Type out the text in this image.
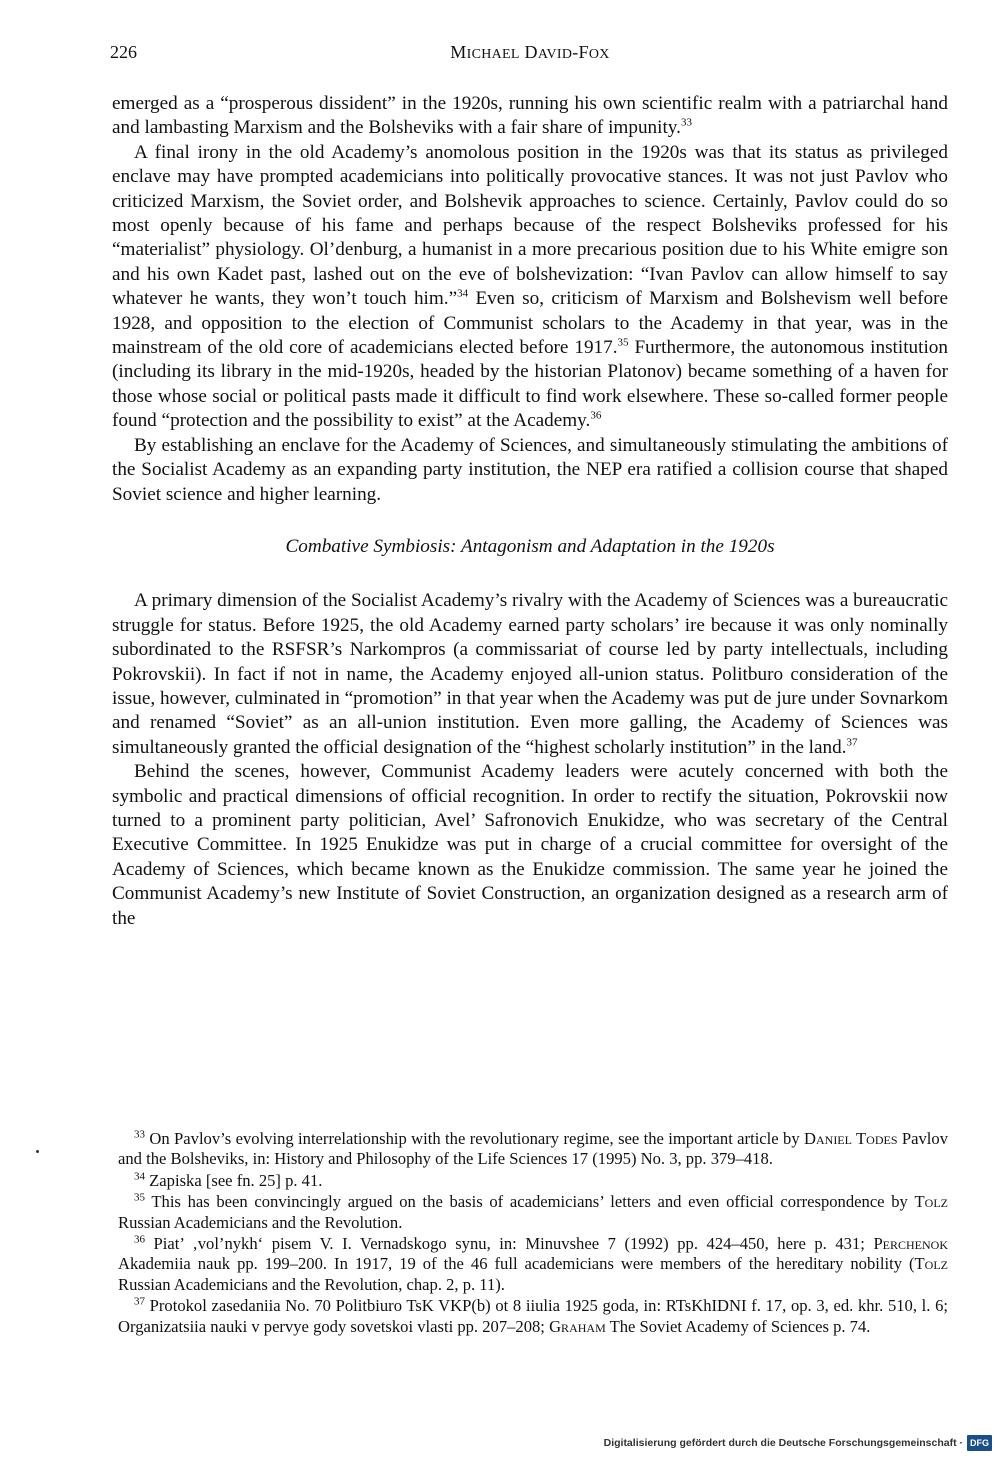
226	MICHAEL DAVID-FOX

emerged as a “prosperous dissident” in the 1920s, running his own scientific realm with a patriarchal hand and lambasting Marxism and the Bolsheviks with a fair share of impunity.$^{33}$

A final irony in the old Academy’s anomolous position in the 1920s was that its status as privileged enclave may have prompted academicians into politically provocative stances. It was not just Pavlov who criticized Marxism, the Soviet order, and Bolshevik approaches to science. Certainly, Pavlov could do so most openly because of his fame and perhaps because of the respect Bolsheviks professed for his “materialist” physiology. Ol’denburg, a humanist in a more precarious position due to his White emigre son and his own Kadet past, lashed out on the eve of bolshevization: “Ivan Pavlov can allow himself to say whatever he wants, they won’t touch him.”$^{34}$ Even so, criticism of Marxism and Bolshevism well before 1928, and opposition to the election of Communist scholars to the Academy in that year, was in the mainstream of the old core of academicians elected before 1917.35 Furthermore, the autonomous institution (including its library in the mid-1920s, headed by the historian Platonov) became something of a haven for those whose social or political pasts made it difficult to find work elsewhere. These so-called former people found “protection and the possibility to exist” at the Academy.$^{36}$

By establishing an enclave for the Academy of Sciences, and simultaneously stimulating the ambitions of the Socialist Academy as an expanding party institution, the NEP era ratified a collision course that shaped Soviet science and higher learning.

Combative Symbiosis: Antagonism and Adaptation in the 1920s

A primary dimension of the Socialist Academy’s rivalry with the Academy of Sciences was a bureaucratic struggle for status. Before 1925, the old Academy earned party scholars’ ire because it was only nominally subordinated to the RSFSR’s Narkompros (a commissariat of course led by party intellectuals, including Pokrovskii). In fact if not in name, the Academy enjoyed all-union status. Politburo consideration of the issue, however, culminated in “promotion” in that year when the Academy was put de jure under Sovnarkom and renamed “Soviet” as an all-union institution. Even more galling, the Academy of Sciences was simultaneously granted the official designation of the “highest scholarly institution” in the land.$^{37}$

Behind the scenes, however, Communist Academy leaders were acutely concerned with both the symbolic and practical dimensions of official recognition. In order to rectify the situation, Pokrovskii now turned to a prominent party politician, Avel’ Safronovich Enukidze, who was secretary of the Central Executive Committee. In 1925 Enukidze was put in charge of a crucial committee for oversight of the Academy of Sciences, which became known as the Enukidze commission. The same year he joined the Communist Academy’s new Institute of Soviet Construction, an organization designed as a research arm of the

$^{33}$ On Pavlov’s evolving interrelationship with the revolutionary regime, see the important article by Daniel Todes Pavlov and the Bolsheviks, in: History and Philosophy of the Life Sciences 17 (1995) No. 3, pp. 379–418.

$^{34}$ Zapiska [see fn. 25] p. 41.

$^{35}$ This has been convincingly argued on the basis of academicians’ letters and even official correspondence by Tolz Russian Academicians and the Revolution.

$^{36}$ Piat’ ‚vol’nykh‘ pisem V. I. Vernadskogo synu, in: Minuvshee 7 (1992) pp. 424–450, here p. 431; Perchenok Akademiia nauk pp. 199–200. In 1917, 19 of the 46 full academicians were members of the hereditary nobility (Tolz Russian Academicians and the Revolution, chap. 2, p. 11).

$^{37}$ Protokol zasedaniia No. 70 Politbiuro TsK VKP(b) ot 8 iiulia 1925 goda, in: RTsKhIDNI f. 17, op. 3, ed. khr. 510, l. 6; Organizatsiia nauki v pervye gody sovetskoi vlasti pp. 207–208; Graham The Soviet Academy of Sciences p. 74.

Digitalisierung gefördert durch die Deutsche Forschungsgemeinschaft · DFG
